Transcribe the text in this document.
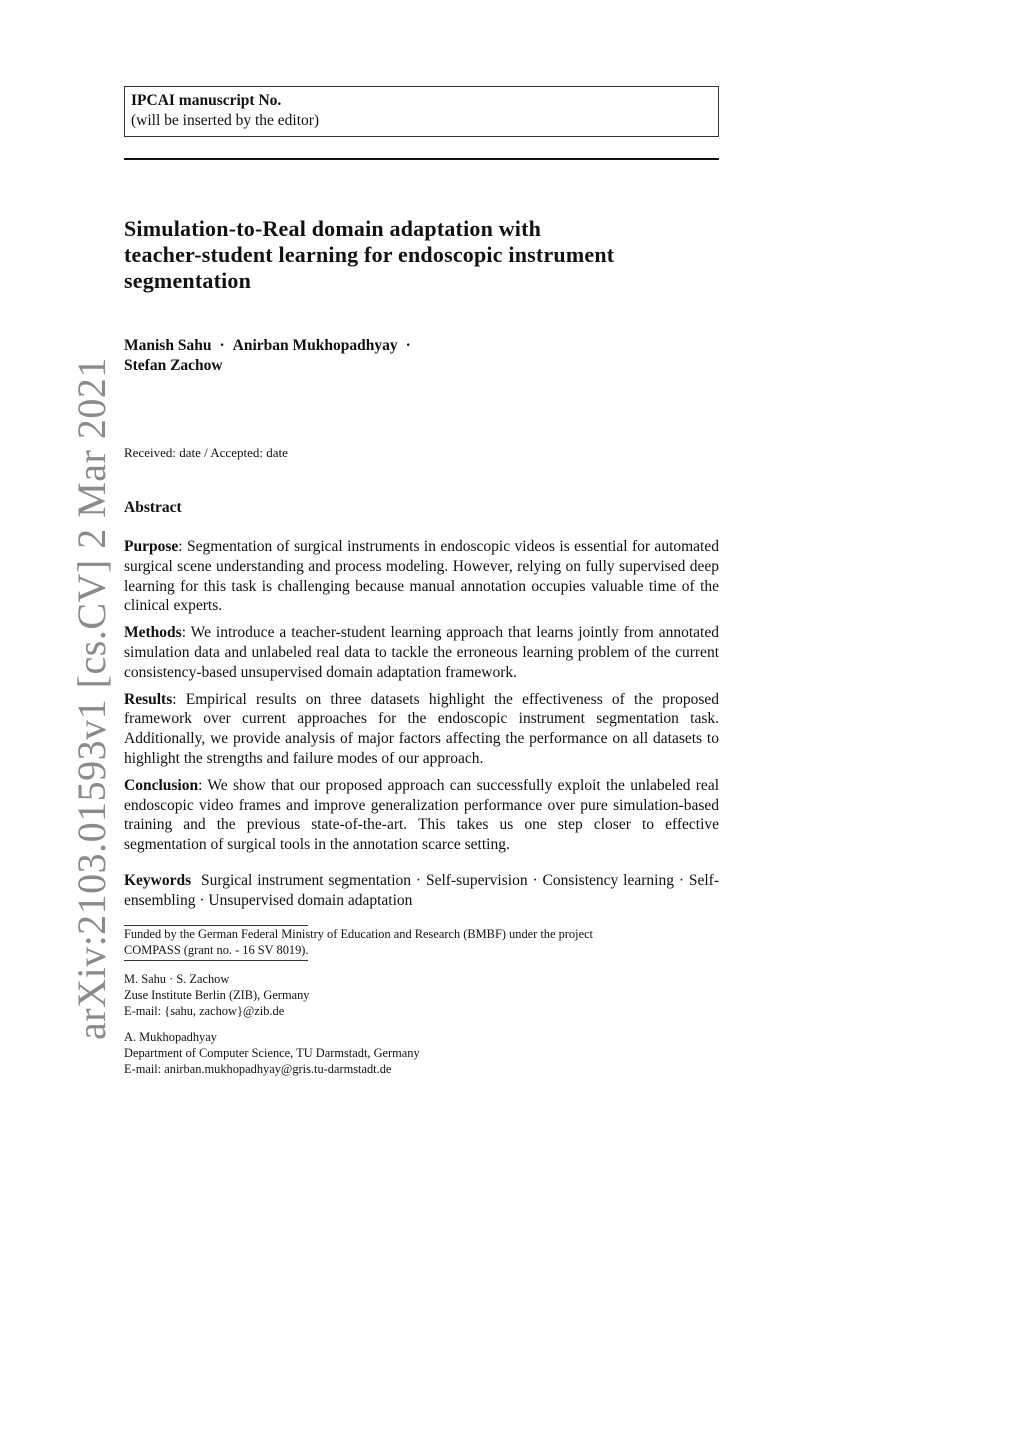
arXiv:2103.01593v1 [cs.CV] 2 Mar 2021
IPCAI manuscript No.
(will be inserted by the editor)
Simulation-to-Real domain adaptation with
teacher-student learning for endoscopic instrument
segmentation
Manish Sahu · Anirban Mukhopadhyay ·
Stefan Zachow
Received: date / Accepted: date
Abstract
Purpose: Segmentation of surgical instruments in endoscopic videos is essential for automated surgical scene understanding and process modeling. However, relying on fully supervised deep learning for this task is challenging because manual annotation occupies valuable time of the clinical experts.
Methods: We introduce a teacher-student learning approach that learns jointly from annotated simulation data and unlabeled real data to tackle the erroneous learning problem of the current consistency-based unsupervised domain adaptation framework.
Results: Empirical results on three datasets highlight the effectiveness of the proposed framework over current approaches for the endoscopic instrument segmentation task. Additionally, we provide analysis of major factors affecting the performance on all datasets to highlight the strengths and failure modes of our approach.
Conclusion: We show that our proposed approach can successfully exploit the unlabeled real endoscopic video frames and improve generalization performance over pure simulation-based training and the previous state-of-the-art. This takes us one step closer to effective segmentation of surgical tools in the annotation scarce setting.
Keywords Surgical instrument segmentation · Self-supervision · Consistency learning · Self-ensembling · Unsupervised domain adaptation
Funded by the German Federal Ministry of Education and Research (BMBF) under the project
COMPASS (grant no. - 16 SV 8019).
M. Sahu · S. Zachow
Zuse Institute Berlin (ZIB), Germany
E-mail: {sahu, zachow}@zib.de
A. Mukhopadhyay
Department of Computer Science, TU Darmstadt, Germany
E-mail: anirban.mukhopadhyay@gris.tu-darmstadt.de
